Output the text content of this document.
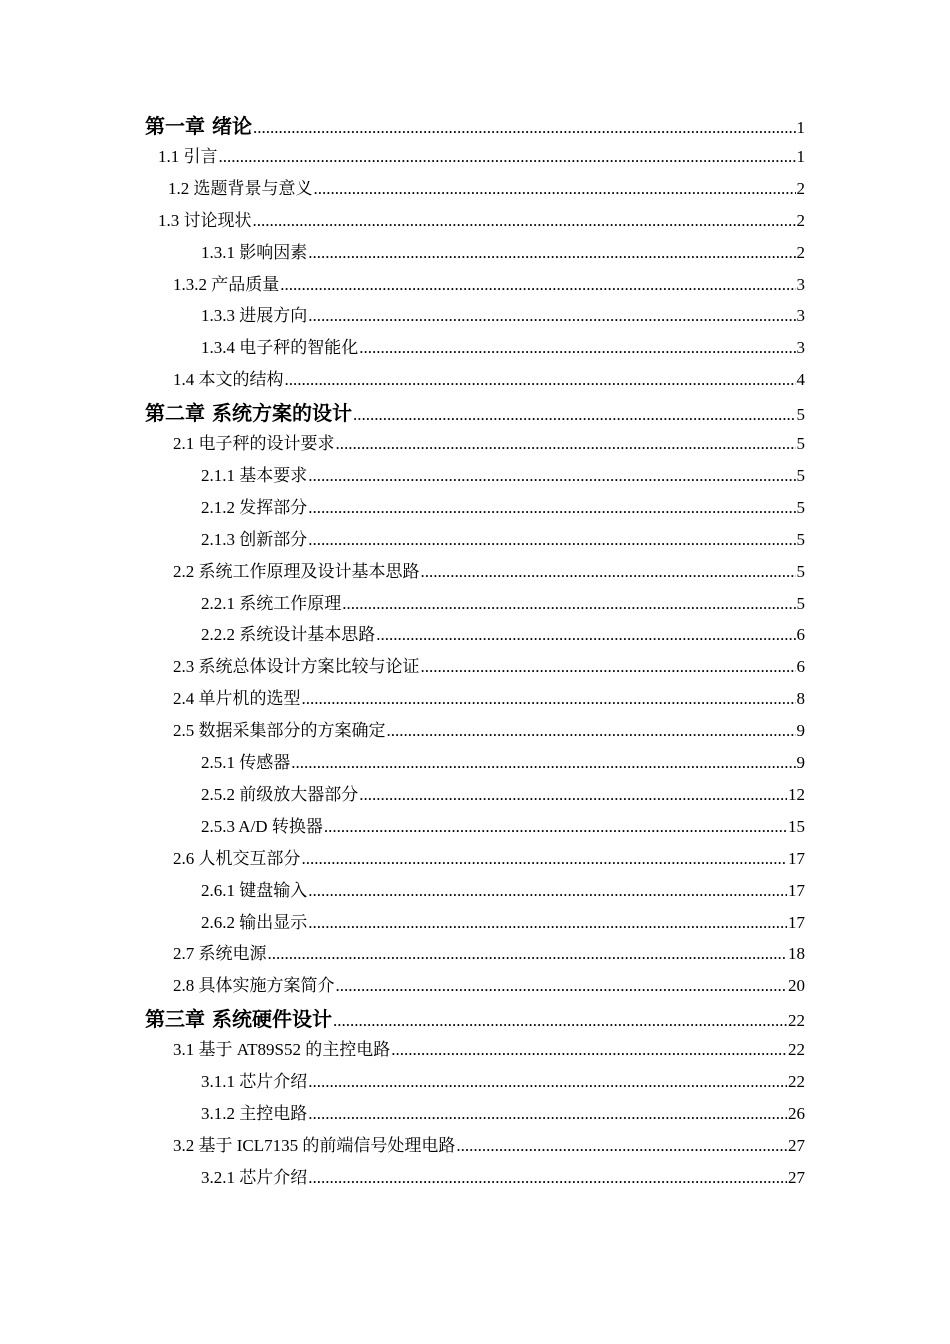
第一章 绪论 .....	1
1.1 引言 .....	1
1.2 选题背景与意义 .....	2
1.3 讨论现状 .....	2
1.3.1 影响因素 .....	2
1.3.2 产品质量 .....	3
1.3.3 进展方向 .....	3
1.3.4 电子秤的智能化 .....	3
1.4 本文的结构 .....	4
第二章 系统方案的设计 .....	5
2.1 电子秤的设计要求 .....	5
2.1.1 基本要求 .....	5
2.1.2 发挥部分 .....	5
2.1.3 创新部分 .....	5
2.2 系统工作原理及设计基本思路 .....	5
2.2.1 系统工作原理 .....	5
2.2.2 系统设计基本思路 .....	6
2.3 系统总体设计方案比较与论证 .....	6
2.4 单片机的选型 .....	8
2.5 数据采集部分的方案确定 .....	9
2.5.1 传感器 .....	9
2.5.2 前级放大器部分 .....	12
2.5.3 A/D 转换器 .....	15
2.6 人机交互部分 .....	17
2.6.1 键盘输入 .....	17
2.6.2 输出显示 .....	17
2.7 系统电源 .....	18
2.8 具体实施方案简介 .....	20
第三章 系统硬件设计 .....	22
3.1 基于 AT89S52 的主控电路 .....	22
3.1.1 芯片介绍 .....	22
3.1.2 主控电路 .....	26
3.2 基于 ICL7135 的前端信号处理电路 .....	27
3.2.1 芯片介绍 .....	27
